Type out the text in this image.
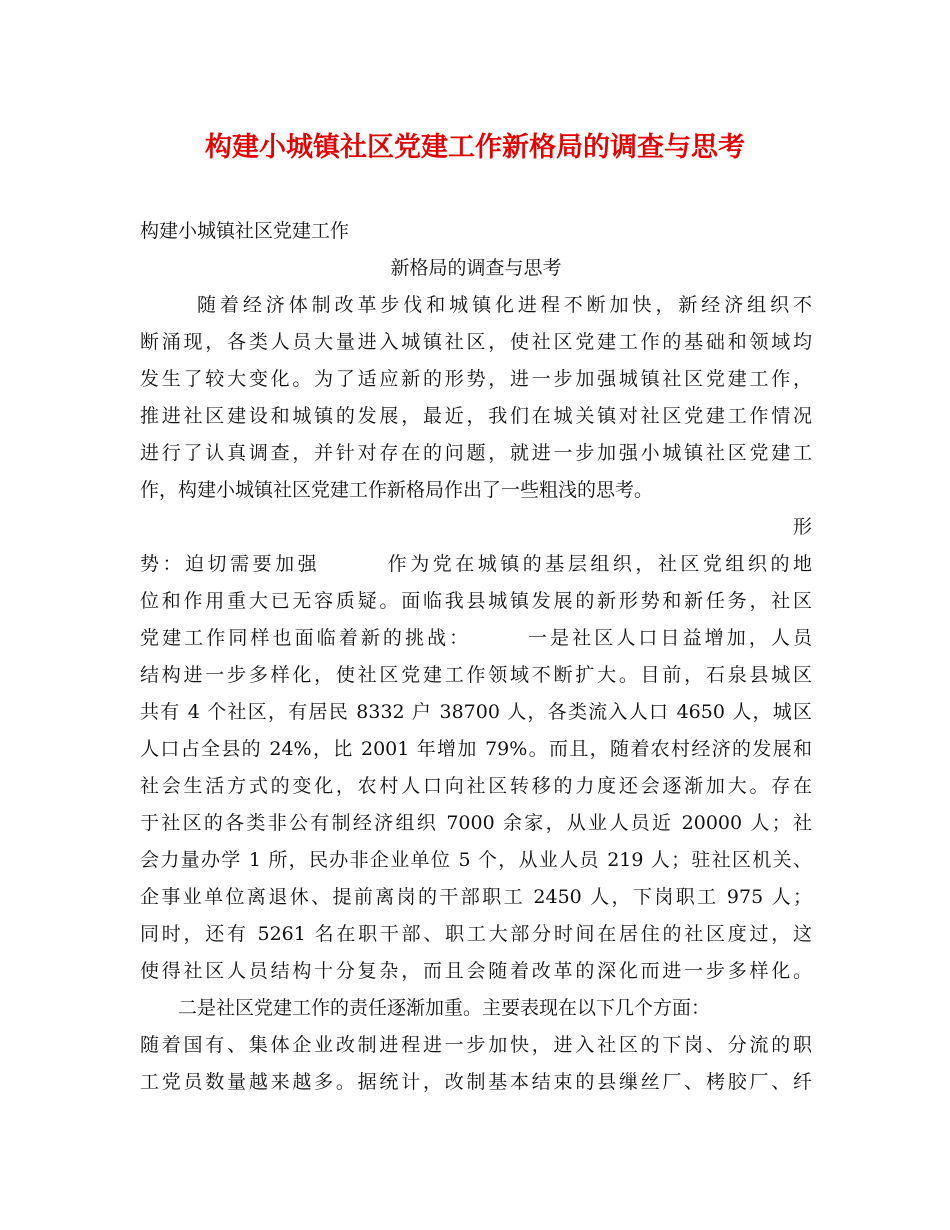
构建小城镇社区党建工作新格局的调查与思考
构建小城镇社区党建工作
新格局的调查与思考
随着经济体制改革步伐和城镇化进程不断加快，新经济组织不
断涌现，各类人员大量进入城镇社区，使社区党建工作的基础和领域均
发生了较大变化。为了适应新的形势，进一步加强城镇社区党建工作，
推进社区建设和城镇的发展，最近，我们在城关镇对社区党建工作情况
进行了认真调查，并针对存在的问题，就进一步加强小城镇社区党建工
作，构建小城镇社区党建工作新格局作出了一些粗浅的思考。
形
势：迫切需要加强　　　作为党在城镇的基层组织，社区党组织的地
位和作用重大已无容质疑。面临我县城镇发展的新形势和新任务，社区
党建工作同样也面临着新的挑战：　　　一是社区人口日益增加，人员
结构进一步多样化，使社区党建工作领域不断扩大。目前，石泉县城区
共有 4 个社区，有居民 8332 户 38700 人，各类流入人口 4650 人，城区
人口占全县的 24%，比 2001 年增加 79%。而且，随着农村经济的发展和
社会生活方式的变化，农村人口向社区转移的力度还会逐渐加大。存在
于社区的各类非公有制经济组织 7000 余家，从业人员近 20000 人；社
会力量办学 1 所，民办非企业单位 5 个，从业人员 219 人；驻社区机关、
企事业单位离退休、提前离岗的干部职工 2450 人，下岗职工 975 人；
同时，还有 5261 名在职干部、职工大部分时间在居住的社区度过，这
使得社区人员结构十分复杂，而且会随着改革的深化而进一步多样化。
二是社区党建工作的责任逐渐加重。主要表现在以下几个方面：
随着国有、集体企业改制进程进一步加快，进入社区的下岗、分流的职
工党员数量越来越多。据统计，改制基本结束的县缫丝厂、栲胶厂、纤
